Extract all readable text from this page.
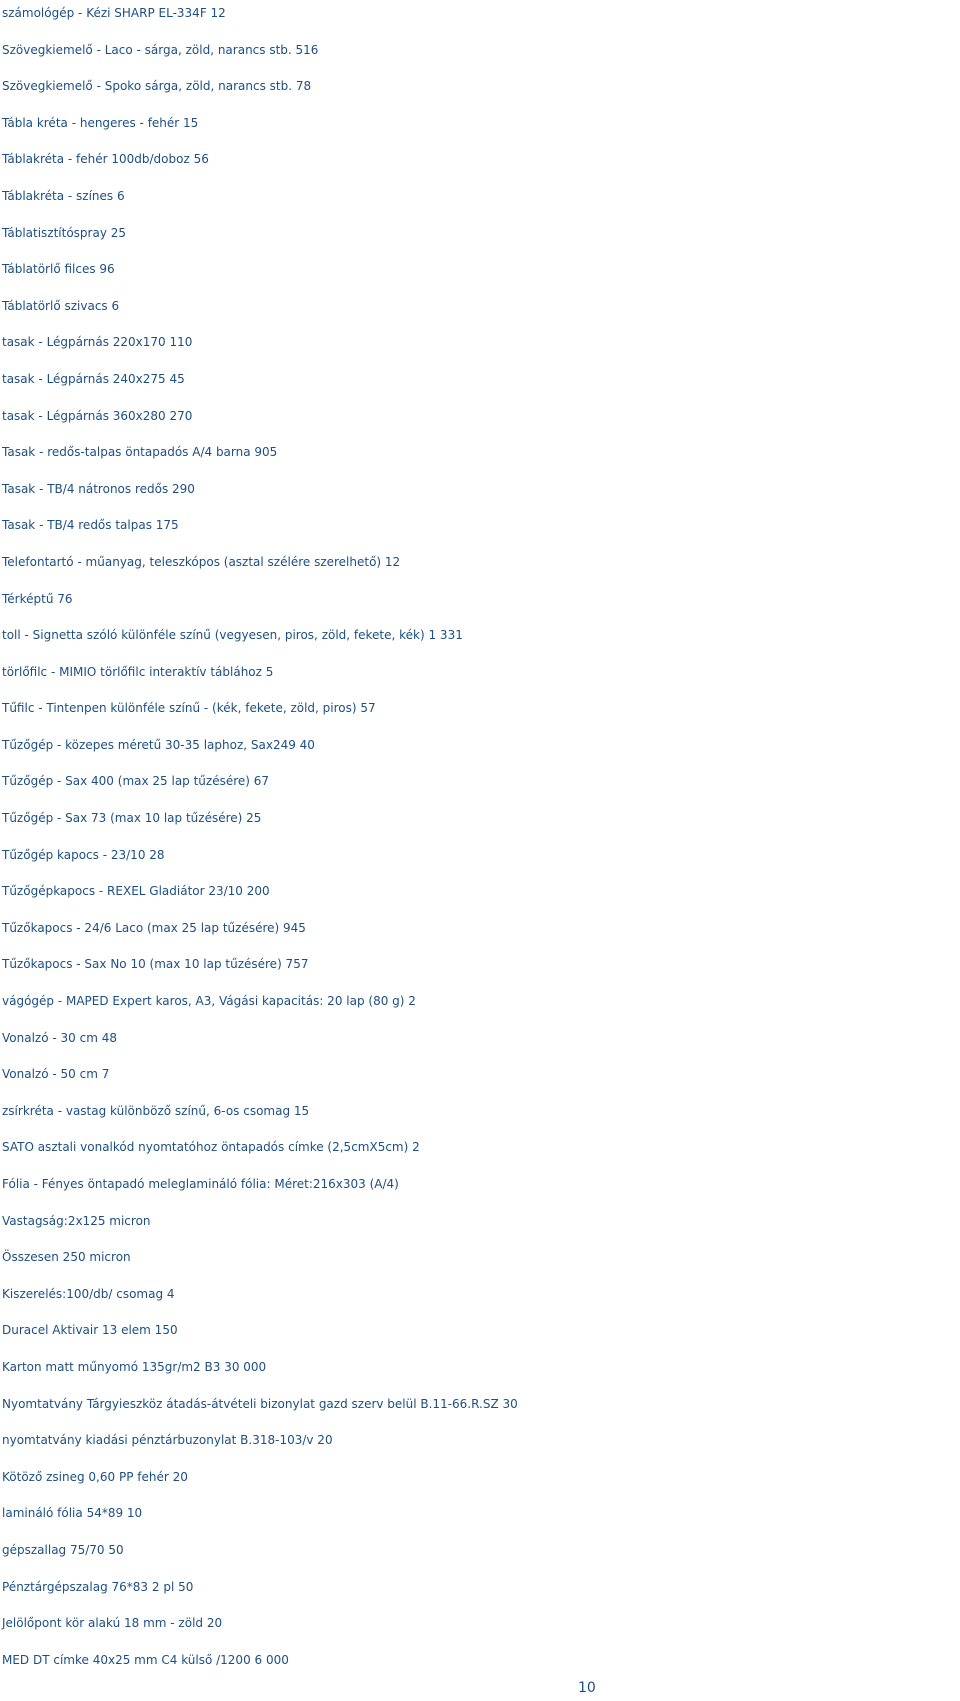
számológép - Kézi SHARP EL-334F 12
Szövegkiemelő - Laco - sárga, zöld, narancs stb. 516
Szövegkiemelő - Spoko sárga, zöld, narancs stb. 78
Tábla kréta - hengeres - fehér 15
Táblakréta - fehér 100db/doboz 56
Táblakréta - színes 6
Táblatisztítóspray 25
Táblatörlő filces 96
Táblatörlő szivacs 6
tasak - Légpárnás 220x170 110
tasak - Légpárnás 240x275 45
tasak - Légpárnás 360x280 270
Tasak - redős-talpas öntapadós A/4 barna 905
Tasak - TB/4 nátronos redős 290
Tasak - TB/4 redős talpas 175
Telefontartó - műanyag, teleszkópos (asztal szélére szerelhető) 12
Térképtű 76
toll - Signetta szóló különféle színű (vegyesen, piros, zöld, fekete, kék) 1 331
törlőfilc - MIMIO törlőfilc interaktív táblához 5
Tűfilc - Tintenpen különféle színű - (kék, fekete, zöld, piros) 57
Tűzőgép - közepes méretű 30-35 laphoz, Sax249 40
Tűzőgép - Sax 400 (max 25 lap tűzésére) 67
Tűzőgép - Sax 73 (max 10 lap tűzésére) 25
Tűzőgép kapocs - 23/10 28
Tűzőgépkapocs - REXEL Gladiátor 23/10 200
Tűzőkapocs - 24/6 Laco (max 25 lap tűzésére) 945
Tűzőkapocs - Sax No 10 (max 10 lap tűzésére) 757
vágógép - MAPED Expert karos, A3, Vágási kapacitás: 20 lap (80 g) 2
Vonalzó - 30 cm 48
Vonalzó - 50 cm 7
zsírkréta - vastag különböző színű, 6-os csomag 15
SATO asztali vonalkód nyomtatóhoz öntapadós címke (2,5cmX5cm) 2
Fólia - Fényes öntapadó meleglamináló fólia: Méret:216x303 (A/4)
Vastagság:2x125 micron
Összesen 250 micron
Kiszerelés:100/db/ csomag 4
Duracel Aktivair 13 elem 150
Karton matt műnyomó 135gr/m2 B3 30 000
Nyomtatvány Tárgyieszköz átadás-átvételi bizonylat gazd szerv belül B.11-66.R.SZ 30
nyomtatvány kiadási pénztárbuzonylat B.318-103/v 20
Kötöző zsineg 0,60 PP fehér 20
lamináló fólia 54*89 10
gépszallag 75/70 50
Pénztárgépszalag 76*83 2 pl 50
Jelölőpont kör alakú 18 mm - zöld 20
MED DT címke 40x25 mm C4 külső /1200 6 000
10
